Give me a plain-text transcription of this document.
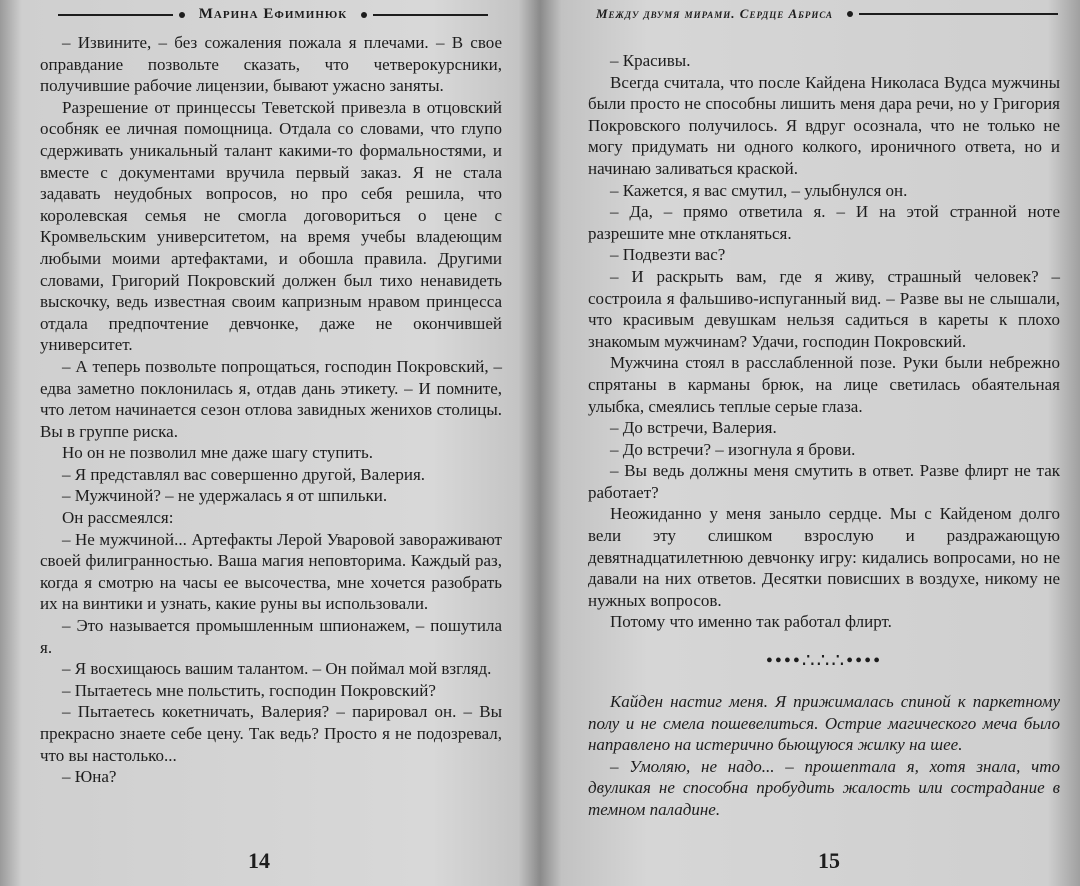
Марина Ефиминюк

– Извините, – без сожаления пожала я плечами. – В свое оправдание позвольте сказать, что четверокурсники, получившие рабочие лицензии, бывают ужасно заняты.

Разрешение от принцессы Теветской привезла в отцовский особняк ее личная помощница. Отдала со словами, что глупо сдерживать уникальный талант какими-то формальностями, и вместе с документами вручила первый заказ. Я не стала задавать неудобных вопросов, но про себя решила, что королевская семья не смогла договориться о цене с Кромвельским университетом, на время учебы владеющим любыми моими артефактами, и обошла правила. Другими словами, Григорий Покровский должен был тихо ненавидеть выскочку, ведь известная своим капризным нравом принцесса отдала предпочтение девчонке, даже не окончившей университет.

– А теперь позвольте попрощаться, господин Покровский, – едва заметно поклонилась я, отдав дань этикету. – И помните, что летом начинается сезон отлова завидных женихов столицы. Вы в группе риска.

Но он не позволил мне даже шагу ступить.

– Я представлял вас совершенно другой, Валерия.

– Мужчиной? – не удержалась я от шпильки.

Он рассмеялся:

– Не мужчиной... Артефакты Лерой Уваровой завораживают своей филигранностью. Ваша магия неповторима. Каждый раз, когда я смотрю на часы ее высочества, мне хочется разобрать их на винтики и узнать, какие руны вы использовали.

– Это называется промышленным шпионажем, – пошутила я.

– Я восхищаюсь вашим талантом. – Он поймал мой взгляд.

– Пытаетесь мне польстить, господин Покровский?

– Пытаетесь кокетничать, Валерия? – парировал он. – Вы прекрасно знаете себе цену. Так ведь? Просто я не подозревал, что вы настолько...

– Юна?

14
Между двумя мирами. Сердце Абриса

– Красивы.

Всегда считала, что после Кайдена Николаса Вудса мужчины были просто не способны лишить меня дара речи, но у Григория Покровского получилось. Я вдруг осознала, что не только не могу придумать ни одного колкого, ироничного ответа, но и начинаю заливаться краской.

– Кажется, я вас смутил, – улыбнулся он.

– Да, – прямо ответила я. – И на этой странной ноте разрешите мне откланяться.

– Подвезти вас?

– И раскрыть вам, где я живу, страшный человек? – состроила я фальшиво-испуганный вид. – Разве вы не слышали, что красивым девушкам нельзя садиться в кареты к плохо знакомым мужчинам? Удачи, господин Покровский.

Мужчина стоял в расслабленной позе. Руки были небрежно спрятаны в карманы брюк, на лице светилась обаятельная улыбка, смеялись теплые серые глаза.

– До встречи, Валерия.

– До встречи? – изогнула я брови.

– Вы ведь должны меня смутить в ответ. Разве флирт не так работает?

Неожиданно у меня заныло сердце. Мы с Кайденом долго вели эту слишком взрослую и раздражающую девятнадцатилетнюю девчонку игру: кидались вопросами, но не давали на них ответов. Десятки повисших в воздухе, никому не нужных вопросов.

Потому что именно так работал флирт.

••••∴∴∴••••

Кайден настиг меня. Я прижималась спиной к паркетному полу и не смела пошевелиться. Острие магического меча было направлено на истерично бьющуюся жилку на шее.

– Умоляю, не надо... – прошептала я, хотя знала, что двуликая не способна пробудить жалость или сострадание в темном паладине.

15
